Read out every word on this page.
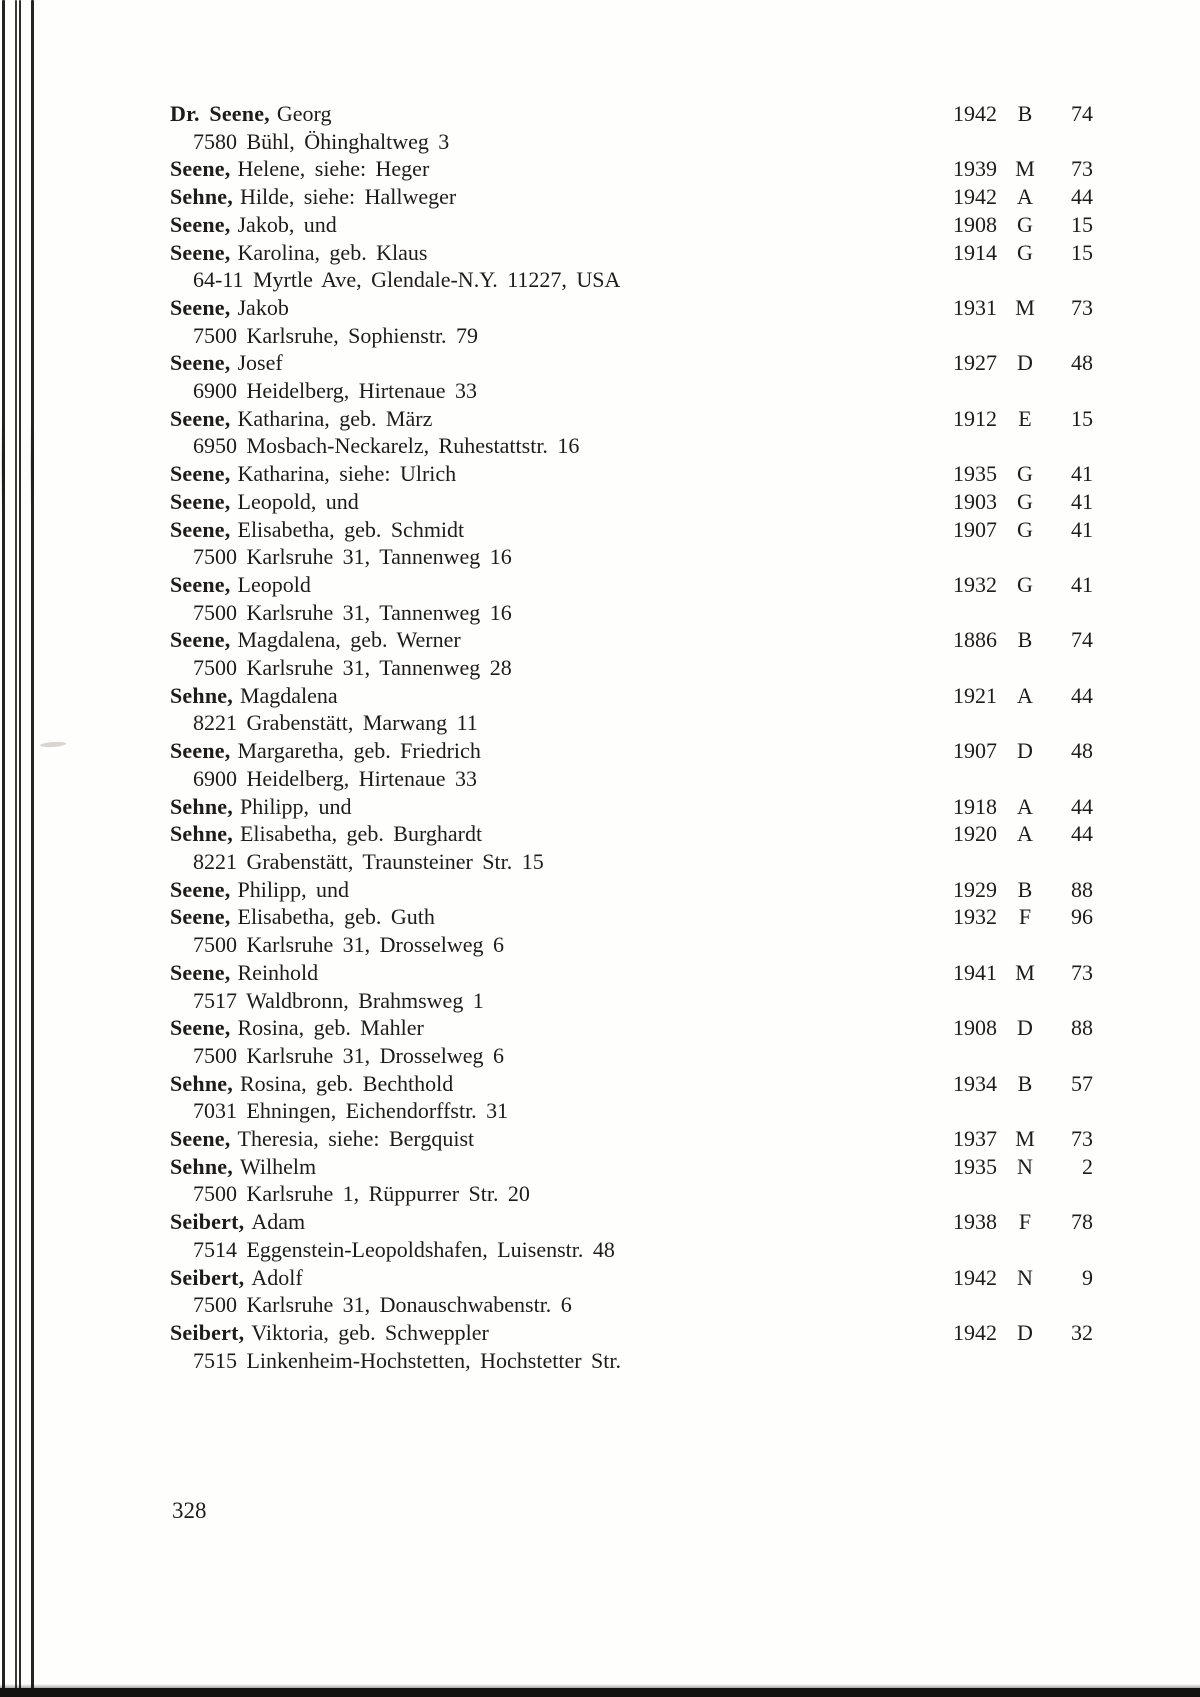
Dr. Seene, Georg	1942 B	74
7580 Bühl, Öhinghaltweg 3
Seene, Helene, siehe: Heger	1939 M	73
Sehne, Hilde, siehe: Hallweger	1942 A	44
Seene, Jakob, und	1908 G	15
Seene, Karolina, geb. Klaus	1914 G	15
64-11 Myrtle Ave, Glendale-N.Y. 11227, USA
Seene, Jakob	1931 M	73
7500 Karlsruhe, Sophienstr. 79
Seene, Josef	1927 D	48
6900 Heidelberg, Hirtenaue 33
Seene, Katharina, geb. März	1912 E	15
6950 Mosbach-Neckarelz, Ruhestattstr. 16
Seene, Katharina, siehe: Ulrich	1935 G	41
Seene, Leopold, und	1903 G	41
Seene, Elisabetha, geb. Schmidt	1907 G	41
7500 Karlsruhe 31, Tannenweg 16
Seene, Leopold	1932 G	41
7500 Karlsruhe 31, Tannenweg 16
Seene, Magdalena, geb. Werner	1886 B	74
7500 Karlsruhe 31, Tannenweg 28
Sehne, Magdalena	1921 A	44
8221 Grabenstätt, Marwang 11
Seene, Margaretha, geb. Friedrich	1907 D	48
6900 Heidelberg, Hirtenaue 33
Sehne, Philipp, und	1918 A	44
Sehne, Elisabetha, geb. Burghardt	1920 A	44
8221 Grabenstätt, Traunsteiner Str. 15
Seene, Philipp, und	1929 B	88
Seene, Elisabetha, geb. Guth	1932 F	96
7500 Karlsruhe 31, Drosselweg 6
Seene, Reinhold	1941 M	73
7517 Waldbronn, Brahmsweg 1
Seene, Rosina, geb. Mahler	1908 D	88
7500 Karlsruhe 31, Drosselweg 6
Sehne, Rosina, geb. Bechthold	1934 B	57
7031 Ehningen, Eichendorffstr. 31
Seene, Theresia, siehe: Bergquist	1937 M	73
Sehne, Wilhelm	1935 N	2
7500 Karlsruhe 1, Rüppurrer Str. 20
Seibert, Adam	1938 F	78
7514 Eggenstein-Leopoldshafen, Luisenstr. 48
Seibert, Adolf	1942 N	9
7500 Karlsruhe 31, Donauschwabenstr. 6
Seibert, Viktoria, geb. Schweppler	1942 D	32
7515 Linkenheim-Hochstetten, Hochstetter Str.
328
